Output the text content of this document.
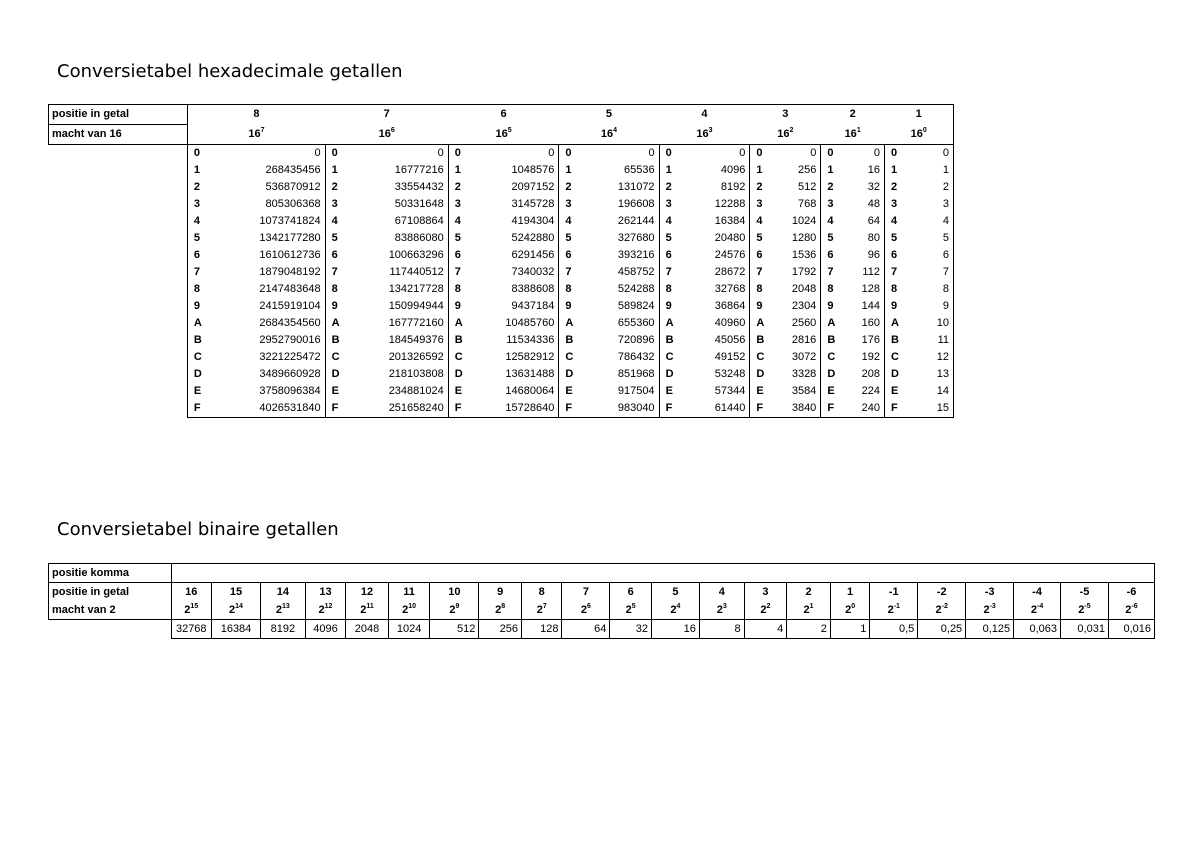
Conversietabel hexadecimale getallen
positie in getal	8		7		6		5		4		3		2		1	
macht van 16	$16^7$		$16^6$		$16^5$		$16^4$		$16^3$		$16^2$		$16^1$		$16^0$
	0	0	0	0	0	0	0	0	0	0	0	0	0	0	0	0
	1	268435456	1	16777216	1	1048576	1	65536	1	4096	1	256	1	16	1	1
	2	536870912	2	33554432	2	2097152	2	131072	2	8192	2	512	2	32	2	2
	3	805306368	3	50331648	3	3145728	3	196608	3	12288	3	768	3	48	3	3
	4	1073741824	4	67108864	4	4194304	4	262144	4	16384	4	1024	4	64	4	4
	5	1342177280	5	83886080	5	5242880	5	327680	5	20480	5	1280	5	80	5	5
	6	1610612736	6	100663296	6	6291456	6	393216	6	24576	6	1536	6	96	6	6
	7	1879048192	7	117440512	7	7340032	7	458752	7	28672	7	1792	7	112	7	7
	8	2147483648	8	134217728	8	8388608	8	524288	8	32768	8	2048	8	128	8	8
	9	2415919104	9	150994944	9	9437184	9	589824	9	36864	9	2304	9	144	9	9
	A	2684354560	A	167772160	A	10485760	A	655360	A	40960	A	2560	A	160	A	10
	B	2952790016	B	184549376	B	11534336	B	720896	B	45056	B	2816	B	176	B	11
	C	3221225472	C	201326592	C	12582912	C	786432	C	49152	C	3072	C	192	C	12
	D	3489660928	D	218103808	D	13631488	D	851968	D	53248	D	3328	D	208	D	13
	E	3758096384	E	234881024	E	14680064	E	917504	E	57344	E	3584	E	224	E	14
	F	4026531840	F	251658240	F	15728640	F	983040	F	61440	F	3840	F	240	F	15
Conversietabel binaire getallen
positie komma																						
positie in getal	16	15	14	13	12	11	10	9	8	7	6	5	4	3	2	1	-1	-2	-3	-4	-5	-6
macht van 2	$2^{15}$	$2^{14}$	$2^{13}$	$2^{12}$	$2^{11}$	$2^{10}$	$2^9$	$2^8$	$2^7$	$2^6$	$2^5$	$2^4$	$2^3$	$2^2$	$2^1$	$2^0$	$2^{-1}$	$2^{-2}$	$2^{-3}$	$2^{-4}$	$2^{-5}$	$2^{-6}$
	32768	16384	8192	4096	2048	1024	512	256	128	64	32	16	8	4	2	1	0,5	0,25	0,125	0,063	0,031	0,016
